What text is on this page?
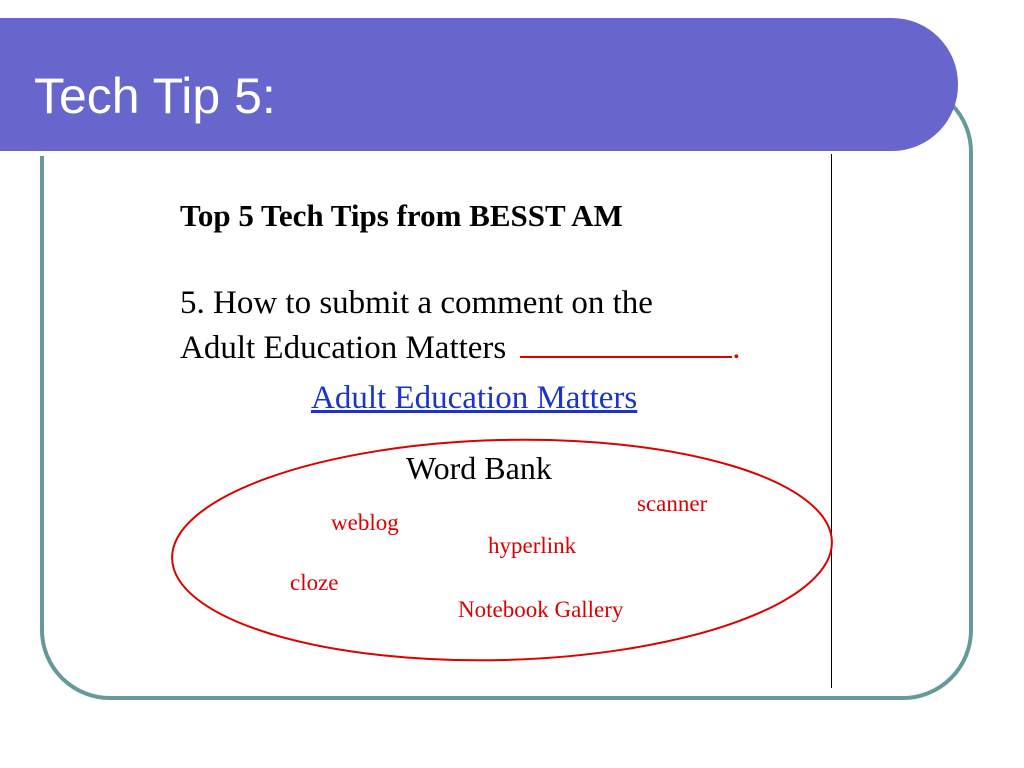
Tech Tip 5:
Top 5 Tech Tips from BESST AM
5. How to submit a comment on the
Adult Education Matters	.
Adult Education Matters
Word Bank
weblog
scanner
hyperlink
cloze
Notebook Gallery
